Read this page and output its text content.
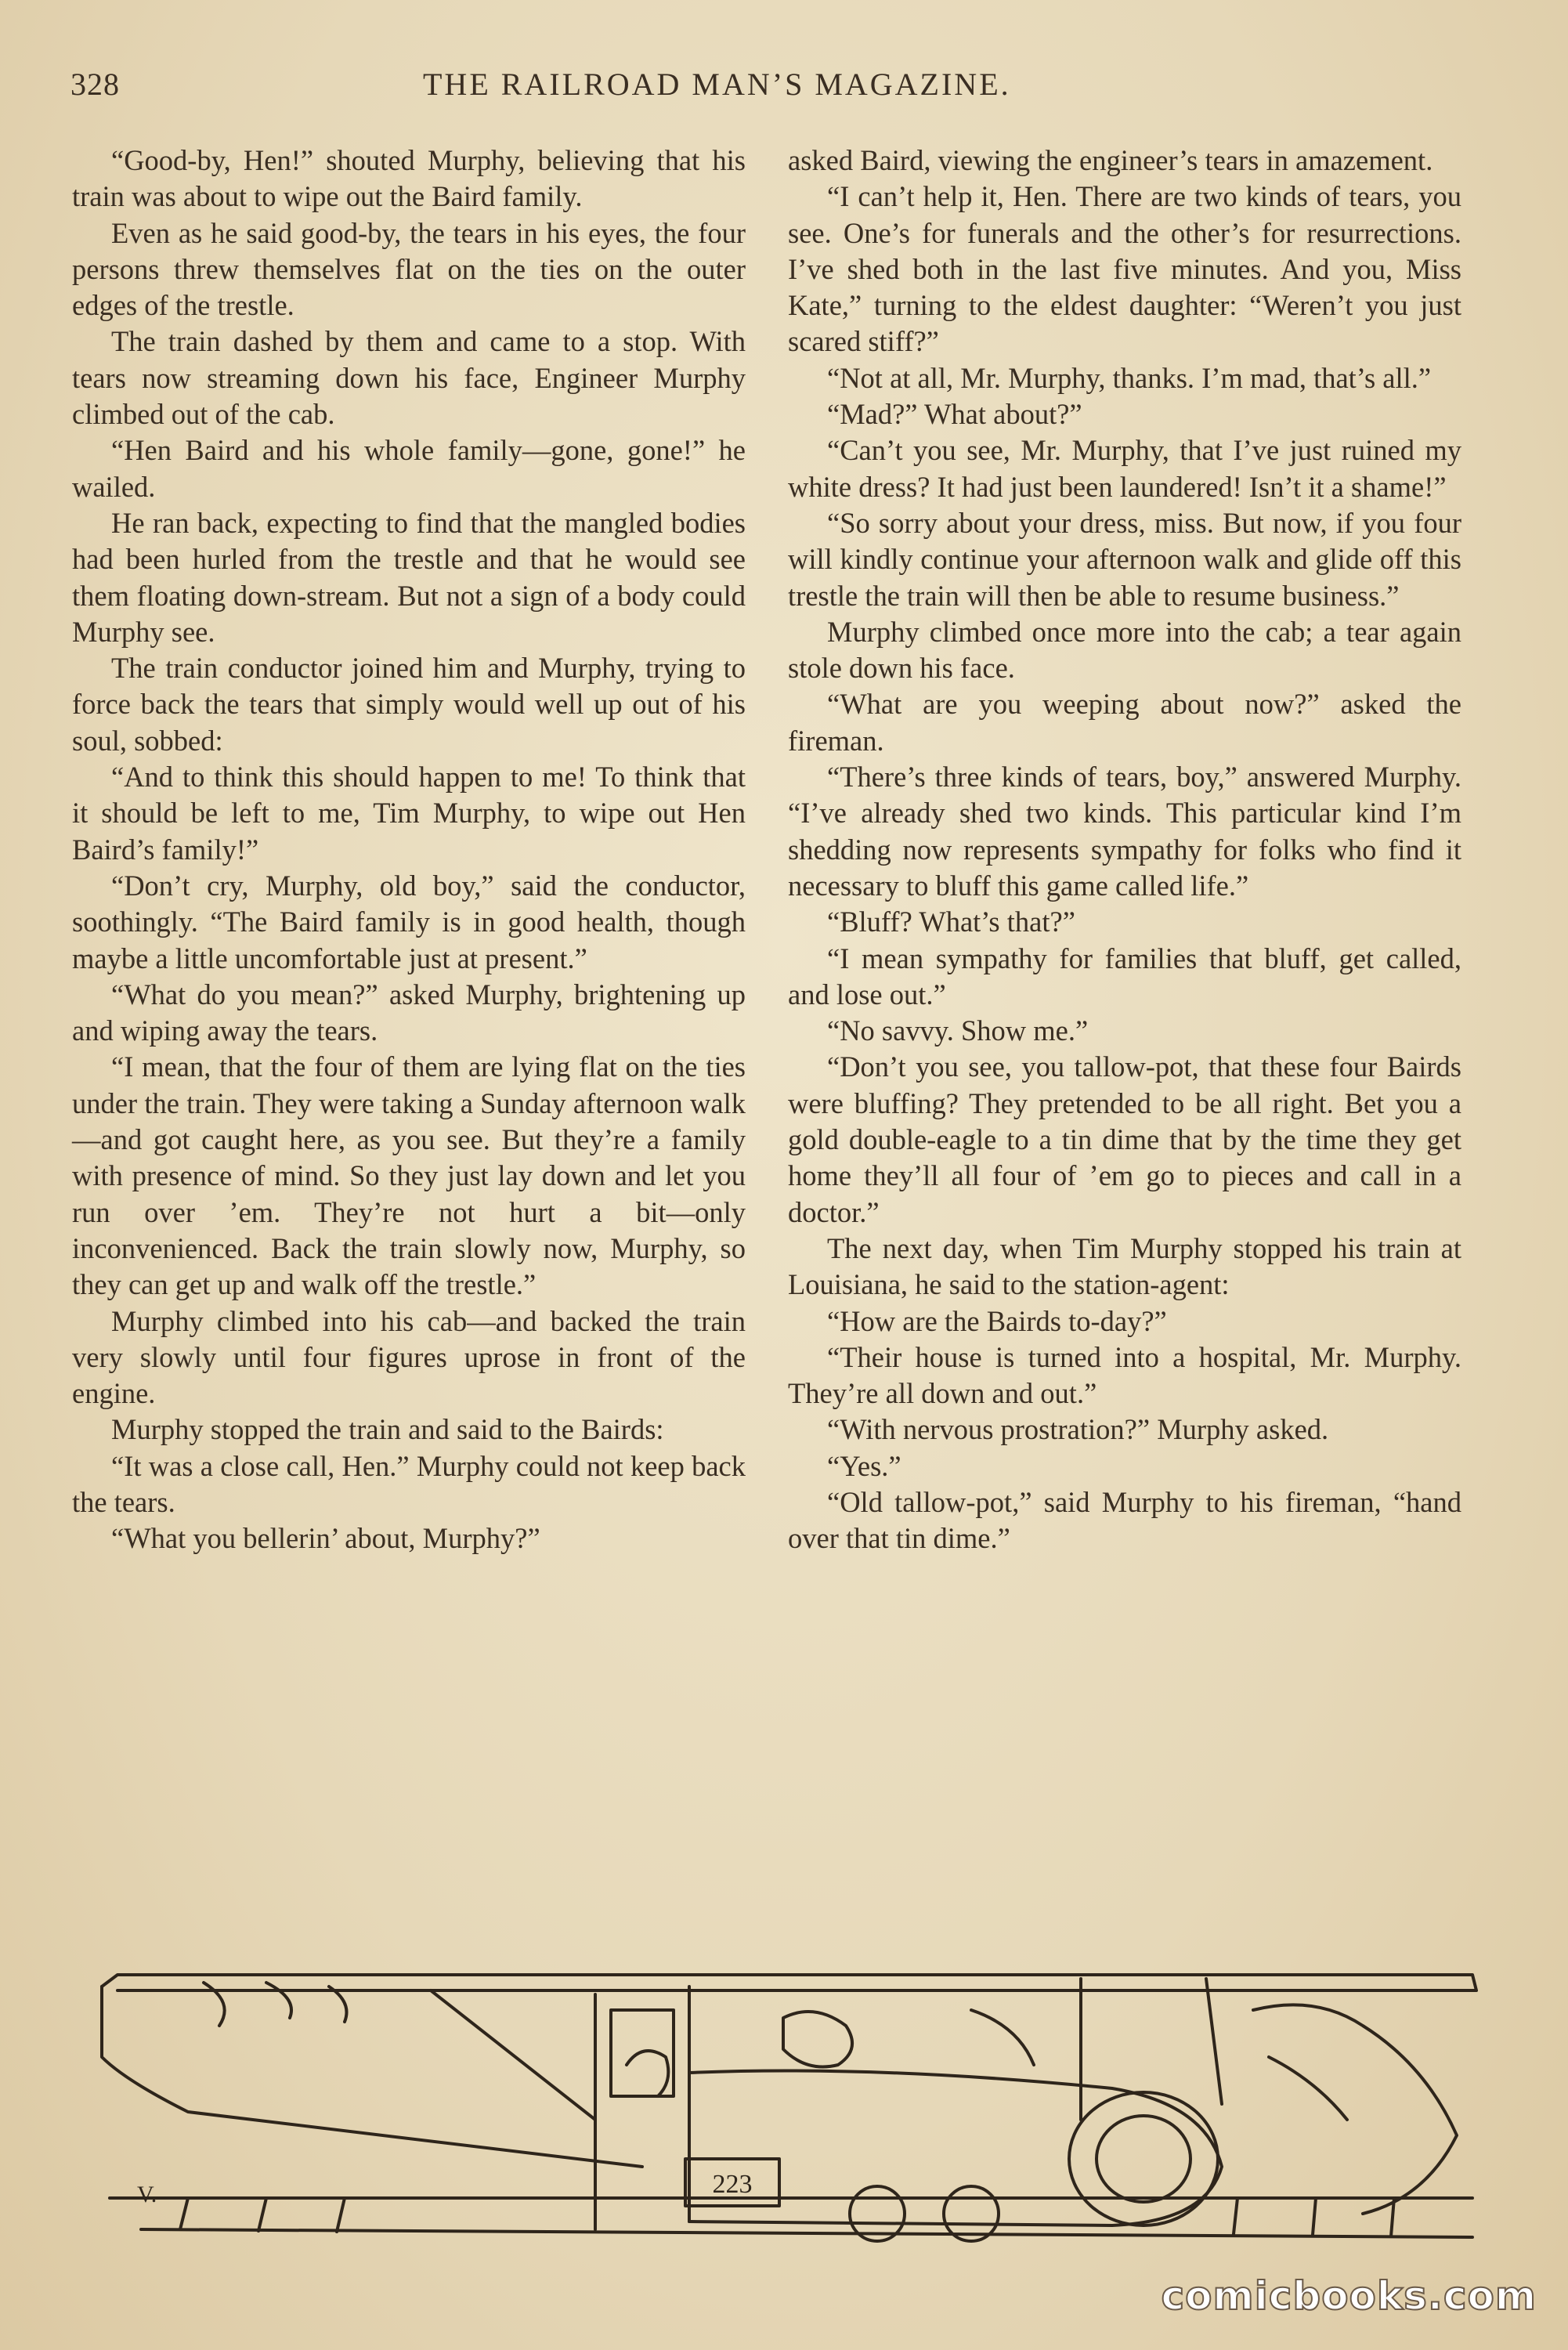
328	THE RAILROAD MAN’S MAGAZINE.

“Good-by, Hen!” shouted Murphy, believing that his train was about to wipe out the Baird family.

Even as he said good-by, the tears in his eyes, the four persons threw themselves flat on the ties on the outer edges of the trestle.

The train dashed by them and came to a stop. With tears now streaming down his face, Engineer Murphy climbed out of the cab.

“Hen Baird and his whole family—gone, gone!” he wailed.

He ran back, expecting to find that the mangled bodies had been hurled from the trestle and that he would see them floating down-stream. But not a sign of a body could Murphy see.

The train conductor joined him and Murphy, trying to force back the tears that simply would well up out of his soul, sobbed:

“And to think this should happen to me! To think that it should be left to me, Tim Murphy, to wipe out Hen Baird’s family!”

“Don’t cry, Murphy, old boy,” said the conductor, soothingly. “The Baird family is in good health, though maybe a little uncomfortable just at present.”

“What do you mean?” asked Murphy, brightening up and wiping away the tears.

“I mean, that the four of them are lying flat on the ties under the train. They were taking a Sunday afternoon walk—and got caught here, as you see. But they’re a family with presence of mind. So they just lay down and let you run over ’em. They’re not hurt a bit—only inconvenienced. Back the train slowly now, Murphy, so they can get up and walk off the trestle.”

Murphy climbed into his cab—and backed the train very slowly until four figures uprose in front of the engine.

Murphy stopped the train and said to the Bairds:

“It was a close call, Hen.” Murphy could not keep back the tears.

“What you bellerin’ about, Murphy?”

asked Baird, viewing the engineer’s tears in amazement.

“I can’t help it, Hen. There are two kinds of tears, you see. One’s for funerals and the other’s for resurrections. I’ve shed both in the last five minutes. And you, Miss Kate,” turning to the eldest daughter: “Weren’t you just scared stiff?”

“Not at all, Mr. Murphy, thanks. I’m mad, that’s all.”

“Mad?” What about?”

“Can’t you see, Mr. Murphy, that I’ve just ruined my white dress? It had just been laundered! Isn’t it a shame!”

“So sorry about your dress, miss. But now, if you four will kindly continue your afternoon walk and glide off this trestle the train will then be able to resume business.”

Murphy climbed once more into the cab; a tear again stole down his face.

“What are you weeping about now?” asked the fireman.

“There’s three kinds of tears, boy,” answered Murphy. “I’ve already shed two kinds. This particular kind I’m shedding now represents sympathy for folks who find it necessary to bluff this game called life.”

“Bluff? What’s that?”

“I mean sympathy for families that bluff, get called, and lose out.”

“No savvy. Show me.”

“Don’t you see, you tallow-pot, that these four Bairds were bluffing? They pretended to be all right. Bet you a gold double-eagle to a tin dime that by the time they get home they’ll all four of ’em go to pieces and call in a doctor.”

The next day, when Tim Murphy stopped his train at Louisiana, he said to the station-agent:

“How are the Bairds to-day?”

“Their house is turned into a hospital, Mr. Murphy. They’re all down and out.”

“With nervous prostration?” Murphy asked.

“Yes.”

“Old tallow-pot,” said Murphy to his fireman, “hand over that tin dime.”

223
V.
comicbooks.com
